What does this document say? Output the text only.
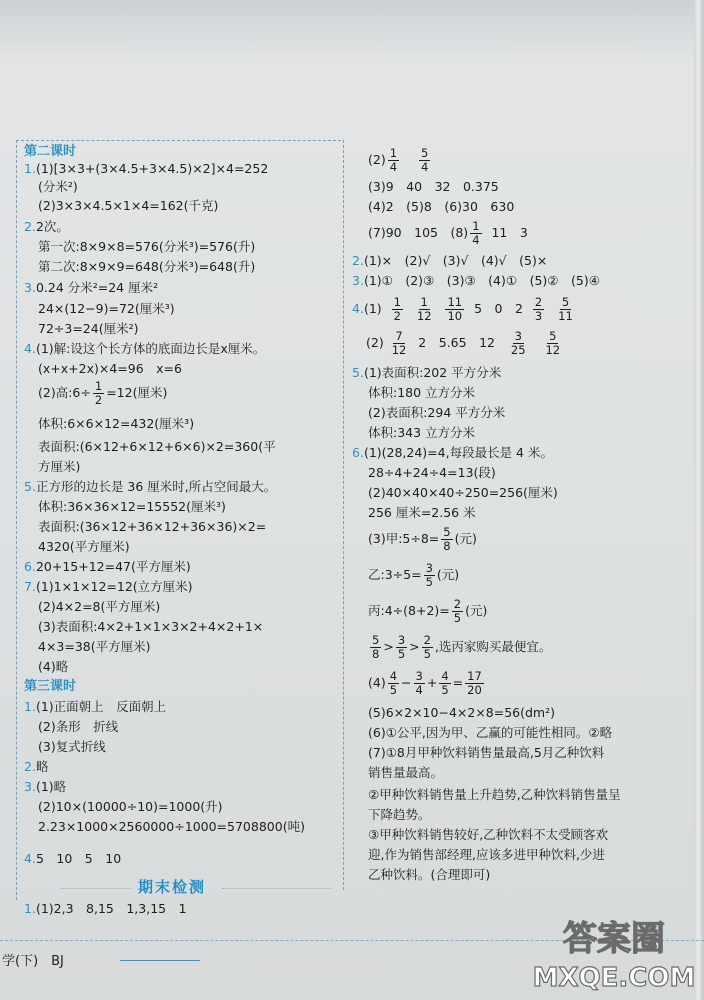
第二课时
1.(1)[3×3+(3×4.5+3×4.5)×2]×4=252
(分米²)
(2)3×3×4.5×1×4=162(千克)
2.2次。
第一次:8×9×8=576(分米³)=576(升)
第二次:8×9×9=648(分米³)=648(升)
3.0.24 分米²=24 厘米²
24×(12−9)=72(厘米³)
72÷3=24(厘米²)
4.(1)解:设这个长方体的底面边长是x厘米。
(x+x+2x)×4=96　x=6
(2)高:6÷ $\frac{1}{2} =12$(厘米)
体积:6×6×12=432(厘米³)
表面积:(6×12+6×12+6×6)×2=360(平
方厘米)
5.正方形的边长是 36 厘米时,所占空间最大。
体积:36×36×12=15552(厘米³)
表面积:(36×12+36×12+36×36)×2=
4320(平方厘米)
6.20+15+12=47(平方厘米)
7.(1)1×1×12=12(立方厘米)
(2)4×2=8(平方厘米)
(3)表面积:4×2+1×1×3×2+4×2+1×
4×3=38(平方厘米)
(4)略
第三课时
1.(1)正面朝上　反面朝上
(2)条形　折线
(3)复式折线
2.略
3.(1)略
(2)10×(10000÷10)=1000(升)
2.23×1000×2560000÷1000=5708800(吨)
4.5　10　5　10
期末检测
1.(1)2,3　8,15　1,3,15　1
$(2) \frac{1}{4}$
$\frac{5}{4}$
(3)9　40　32　0.375
(4)2　(5)8　(6)30　630
(7)90　105　$(8) \frac{1}{4} 11$　3
2.(1)×　(2)√　(3)√　(4)√　(5)×
3.(1)①　(2)③　(3)③　(4)①　(5)②　(5)④
$4.(1) \frac{1}{2}$
$\frac{1}{12}$
$\frac{11}{10} 5$　0　$2 \frac{2}{3}$
$\frac{5}{11}$
$(2) \frac{7}{12} 2$　5.65　$12 \frac{3}{25}$
$\frac{5}{12}$
5.(1)表面积:202 平方分米
体积:180 立方分米
(2)表面积:294 平方分米
体积:343 立方分米
6.(1)(28,24)=4,每段最长是 4 米。
28÷4+24÷4=13(段)
(2)40×40×40÷250=256(厘米)
256 厘米=2.56 米
(3)甲:5÷8= $\frac{5}{8}$ (元)
乙:3÷5= $\frac{3}{5}$ (元)
丙:4÷(8+2)= $\frac{2}{5}$ (元)
$\frac{5}{8} > \frac{3}{5} > \frac{2}{5}$ ,选丙家购买最便宜。
$(4) \frac{4}{5} - \frac{3}{4} + \frac{4}{5} = \frac{17}{20}$
(5)6×2×10−4×2×8=56(dm²)
(6)①公平,因为甲、乙赢的可能性相同。②略
(7)①8月甲种饮料销售量最高,5月乙种饮料
销售量最高。
②甲种饮料销售量上升趋势,乙种饮料销售量呈
下降趋势。
③甲种饮料销售较好,乙种饮料不太受顾客欢
迎,作为销售部经理,应该多进甲种饮料,少进
乙种饮料。(合理即可)
学(下)　BJ
答案圈
MXQE.COM
